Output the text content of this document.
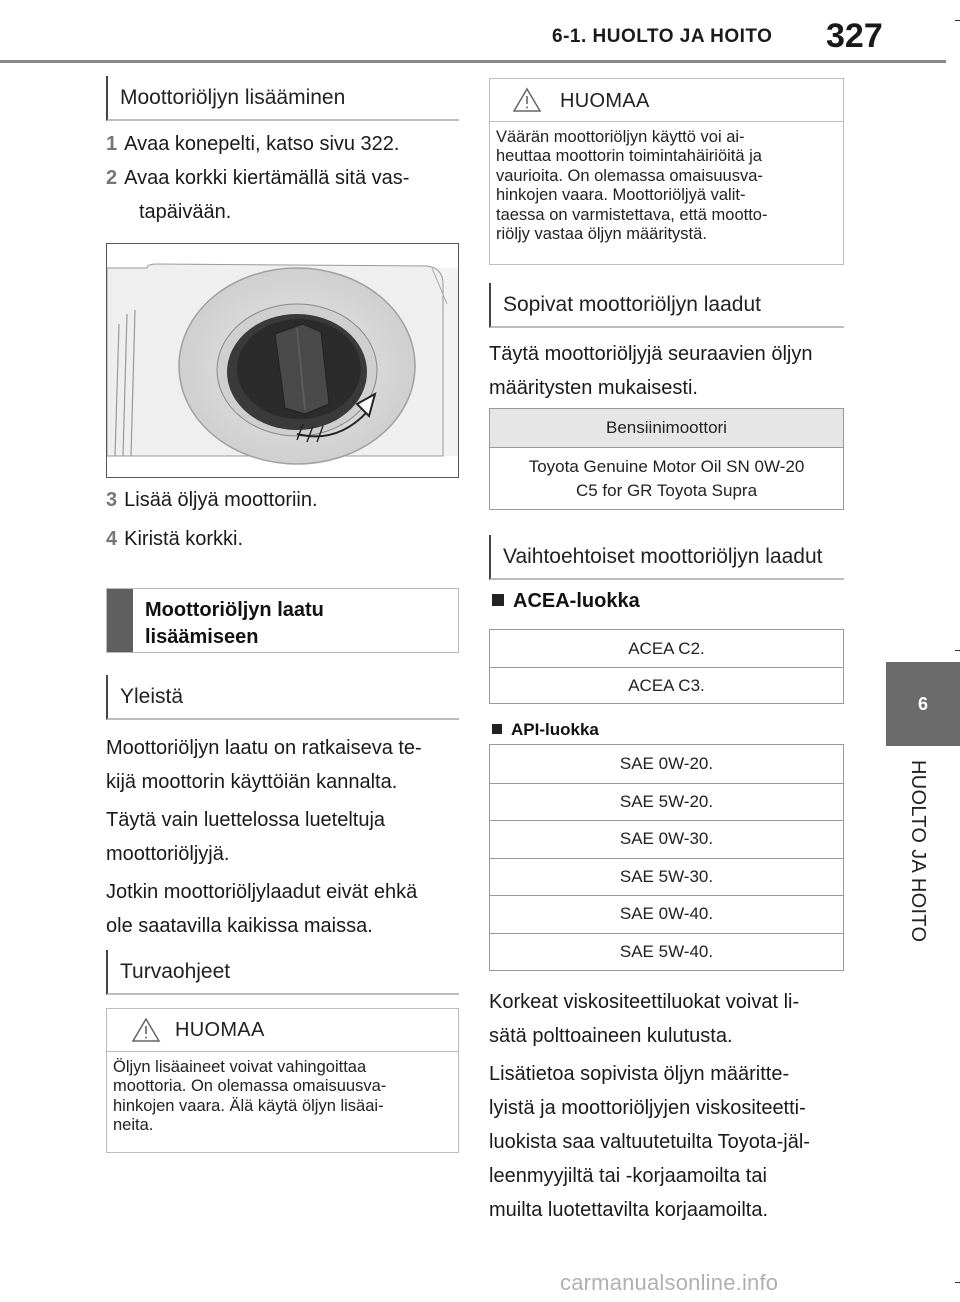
6-1. HUOLTO JA HOITO 327
6
HUOLTO JA HOITO
Moottoriöljyn lisääminen
1 Avaa konepelti, katso sivu 322.
2 Avaa korkki kiertämällä sitä vas-
tapäivään.
3 Lisää öljyä moottoriin.
4 Kiristä korkki.
Moottoriöljyn laatu
lisäämiseen
Yleistä
Moottoriöljyn laatu on ratkaiseva te-
kijä moottorin käyttöiän kannalta.
Täytä vain luettelossa lueteltuja
moottoriöljyjä.
Jotkin moottoriöljylaadut eivät ehkä
ole saatavilla kaikissa maissa.
Turvaohjeet
HUOMAA
Öljyn lisäaineet voivat vahingoittaa
moottoria. On olemassa omaisuusva-
hinkojen vaara. Älä käytä öljyn lisäai-
neita.
HUOMAA
Väärän moottoriöljyn käyttö voi ai-
heuttaa moottorin toimintahäiriöitä ja
vaurioita. On olemassa omaisuusva-
hinkojen vaara. Moottoriöljyä valit-
taessa on varmistettava, että mootto-
riöljy vastaa öljyn määritystä.
Sopivat moottoriöljyn laadut
Täytä moottoriöljyjä seuraavien öljyn
määritysten mukaisesti.
Bensiinimoottori
Toyota Genuine Motor Oil SN 0W-20
C5 for GR Toyota Supra
Vaihtoehtoiset moottoriöljyn laadut
ACEA-luokka
ACEA C2.
ACEA C3.
API-luokka
SAE 0W-20.
SAE 5W-20.
SAE 0W-30.
SAE 5W-30.
SAE 0W-40.
SAE 5W-40.
Korkeat viskositeettiluokat voivat li-
sätä polttoaineen kulutusta.
Lisätietoa sopivista öljyn määritte-
lyistä ja moottoriöljyjen viskositeetti-
luokista saa valtuutetuilta Toyota-jäl-
leenmyyjiltä tai -korjaamoilta tai
muilta luotettavilta korjaamoilta.
carmanualsonline.info
